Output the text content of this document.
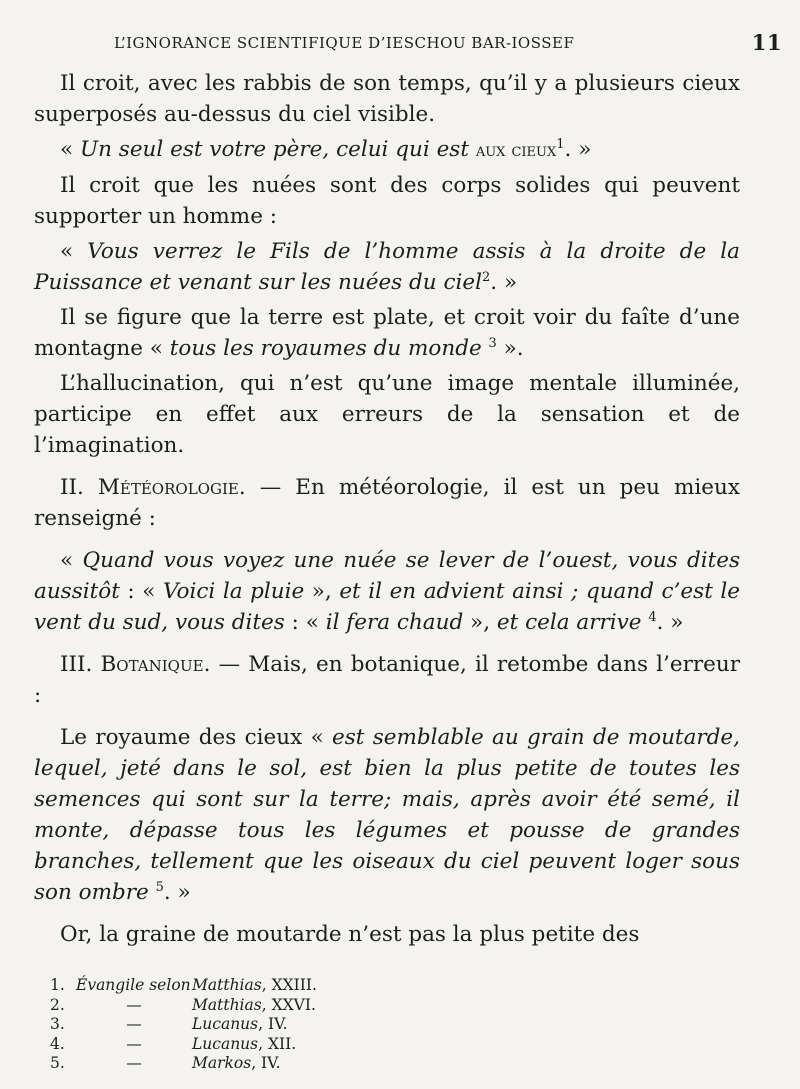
L’IGNORANCE SCIENTIFIQUE D’IESCHOU BAR-IOSSEF	11

Il croit, avec les rabbis de son temps, qu’il y a plusieurs cieux superposés au-dessus du ciel visible.

« Un seul est votre père, celui qui est aux cieux$^1$. »

Il croit que les nuées sont des corps solides qui peuvent supporter un homme :

« Vous verrez le Fils de l’homme assis à la droite de la Puissance et venant sur les nuées du ciel$^2$. »

Il se figure que la terre est plate, et croit voir du faîte d’une montagne « tous les royaumes du monde $^3$ ».

L’hallucination, qui n’est qu’une image mentale illuminée, participe en effet aux erreurs de la sensation et de l’imagination.

II. Météorologie. — En météorologie, il est un peu mieux renseigné :

« Quand vous voyez une nuée se lever de l’ouest, vous dites aussitôt : « Voici la pluie », et il en advient ainsi ; quand c’est le vent du sud, vous dites : « il fera chaud », et cela arrive $^4$. »

III. Botanique. — Mais, en botanique, il retombe dans l’erreur :

Le royaume des cieux « est semblable au grain de moutarde, lequel, jeté dans le sol, est bien la plus petite de toutes les semences qui sont sur la terre; mais, après avoir été semé, il monte, dépasse tous les légumes et pousse de grandes branches, tellement que les oiseaux du ciel peuvent loger sous son ombre $^5$. »

Or, la graine de moutarde n’est pas la plus petite des

1. Évangile selon Matthias, XXIII.
2.	—	Matthias, XXVI.
3.	—	Lucanus, IV.
4.	—	Lucanus, XII.
5.	—	Markos, IV.
